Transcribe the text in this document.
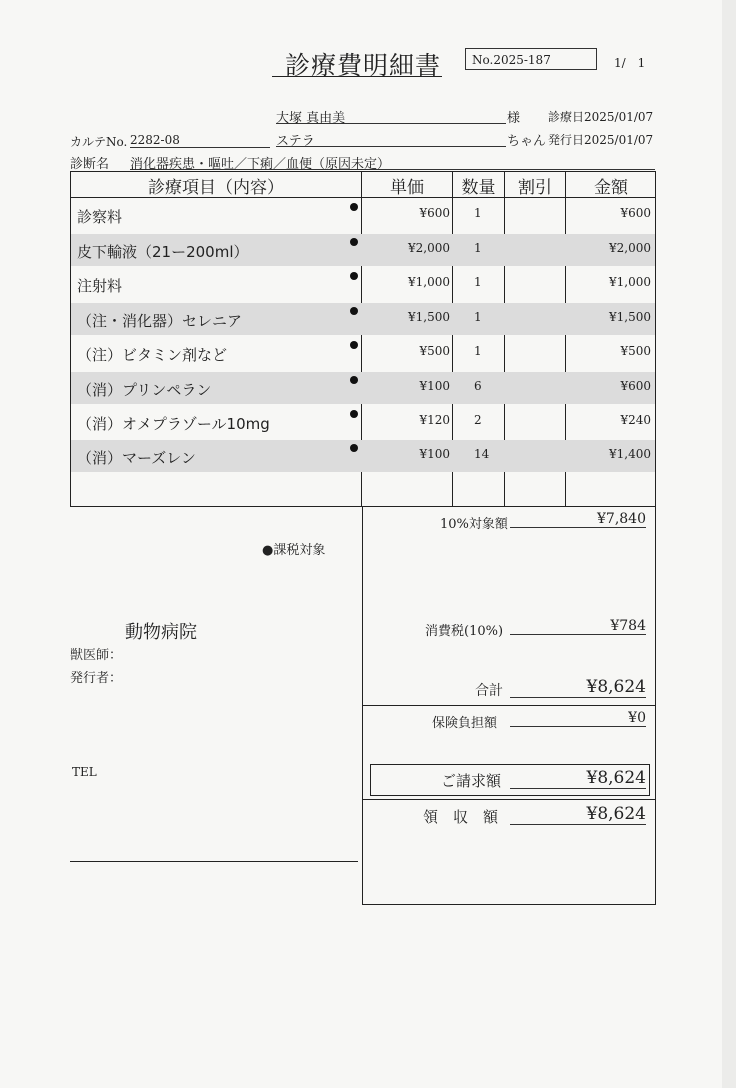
診療費明細書	No.2025-187	1/　1
大塚 真由美	様 診療日2025/01/07
カルテNo. 2282-08	ステラ	ちゃん 発行日2025/01/07
診断名 消化器疾患・嘔吐／下痢／血便（原因未定）
診療項目（内容）	単価	数量	割引	金額
診察料	¥600 1	¥600
皮下輸液（21ー200ml）	¥2,000 1	¥2,000
注射料	¥1,000 1	¥1,000
（注・消化器）セレニア	¥1,500 1	¥1,500
（注）ビタミン剤など	¥500 1	¥500
（消）プリンペラン	¥100 6	¥600
（消）オメプラゾール10mg	¥120 2	¥240
（消）マーズレン	¥100 14	¥1,400
●課税対象
動物病院
獣医師：
発行者：
TEL
10%対象額	¥7,840
消費税(10%)	¥784
合計	¥8,624
保険負担額	¥0
ご請求額	¥8,624
領　収　額	¥8,624
